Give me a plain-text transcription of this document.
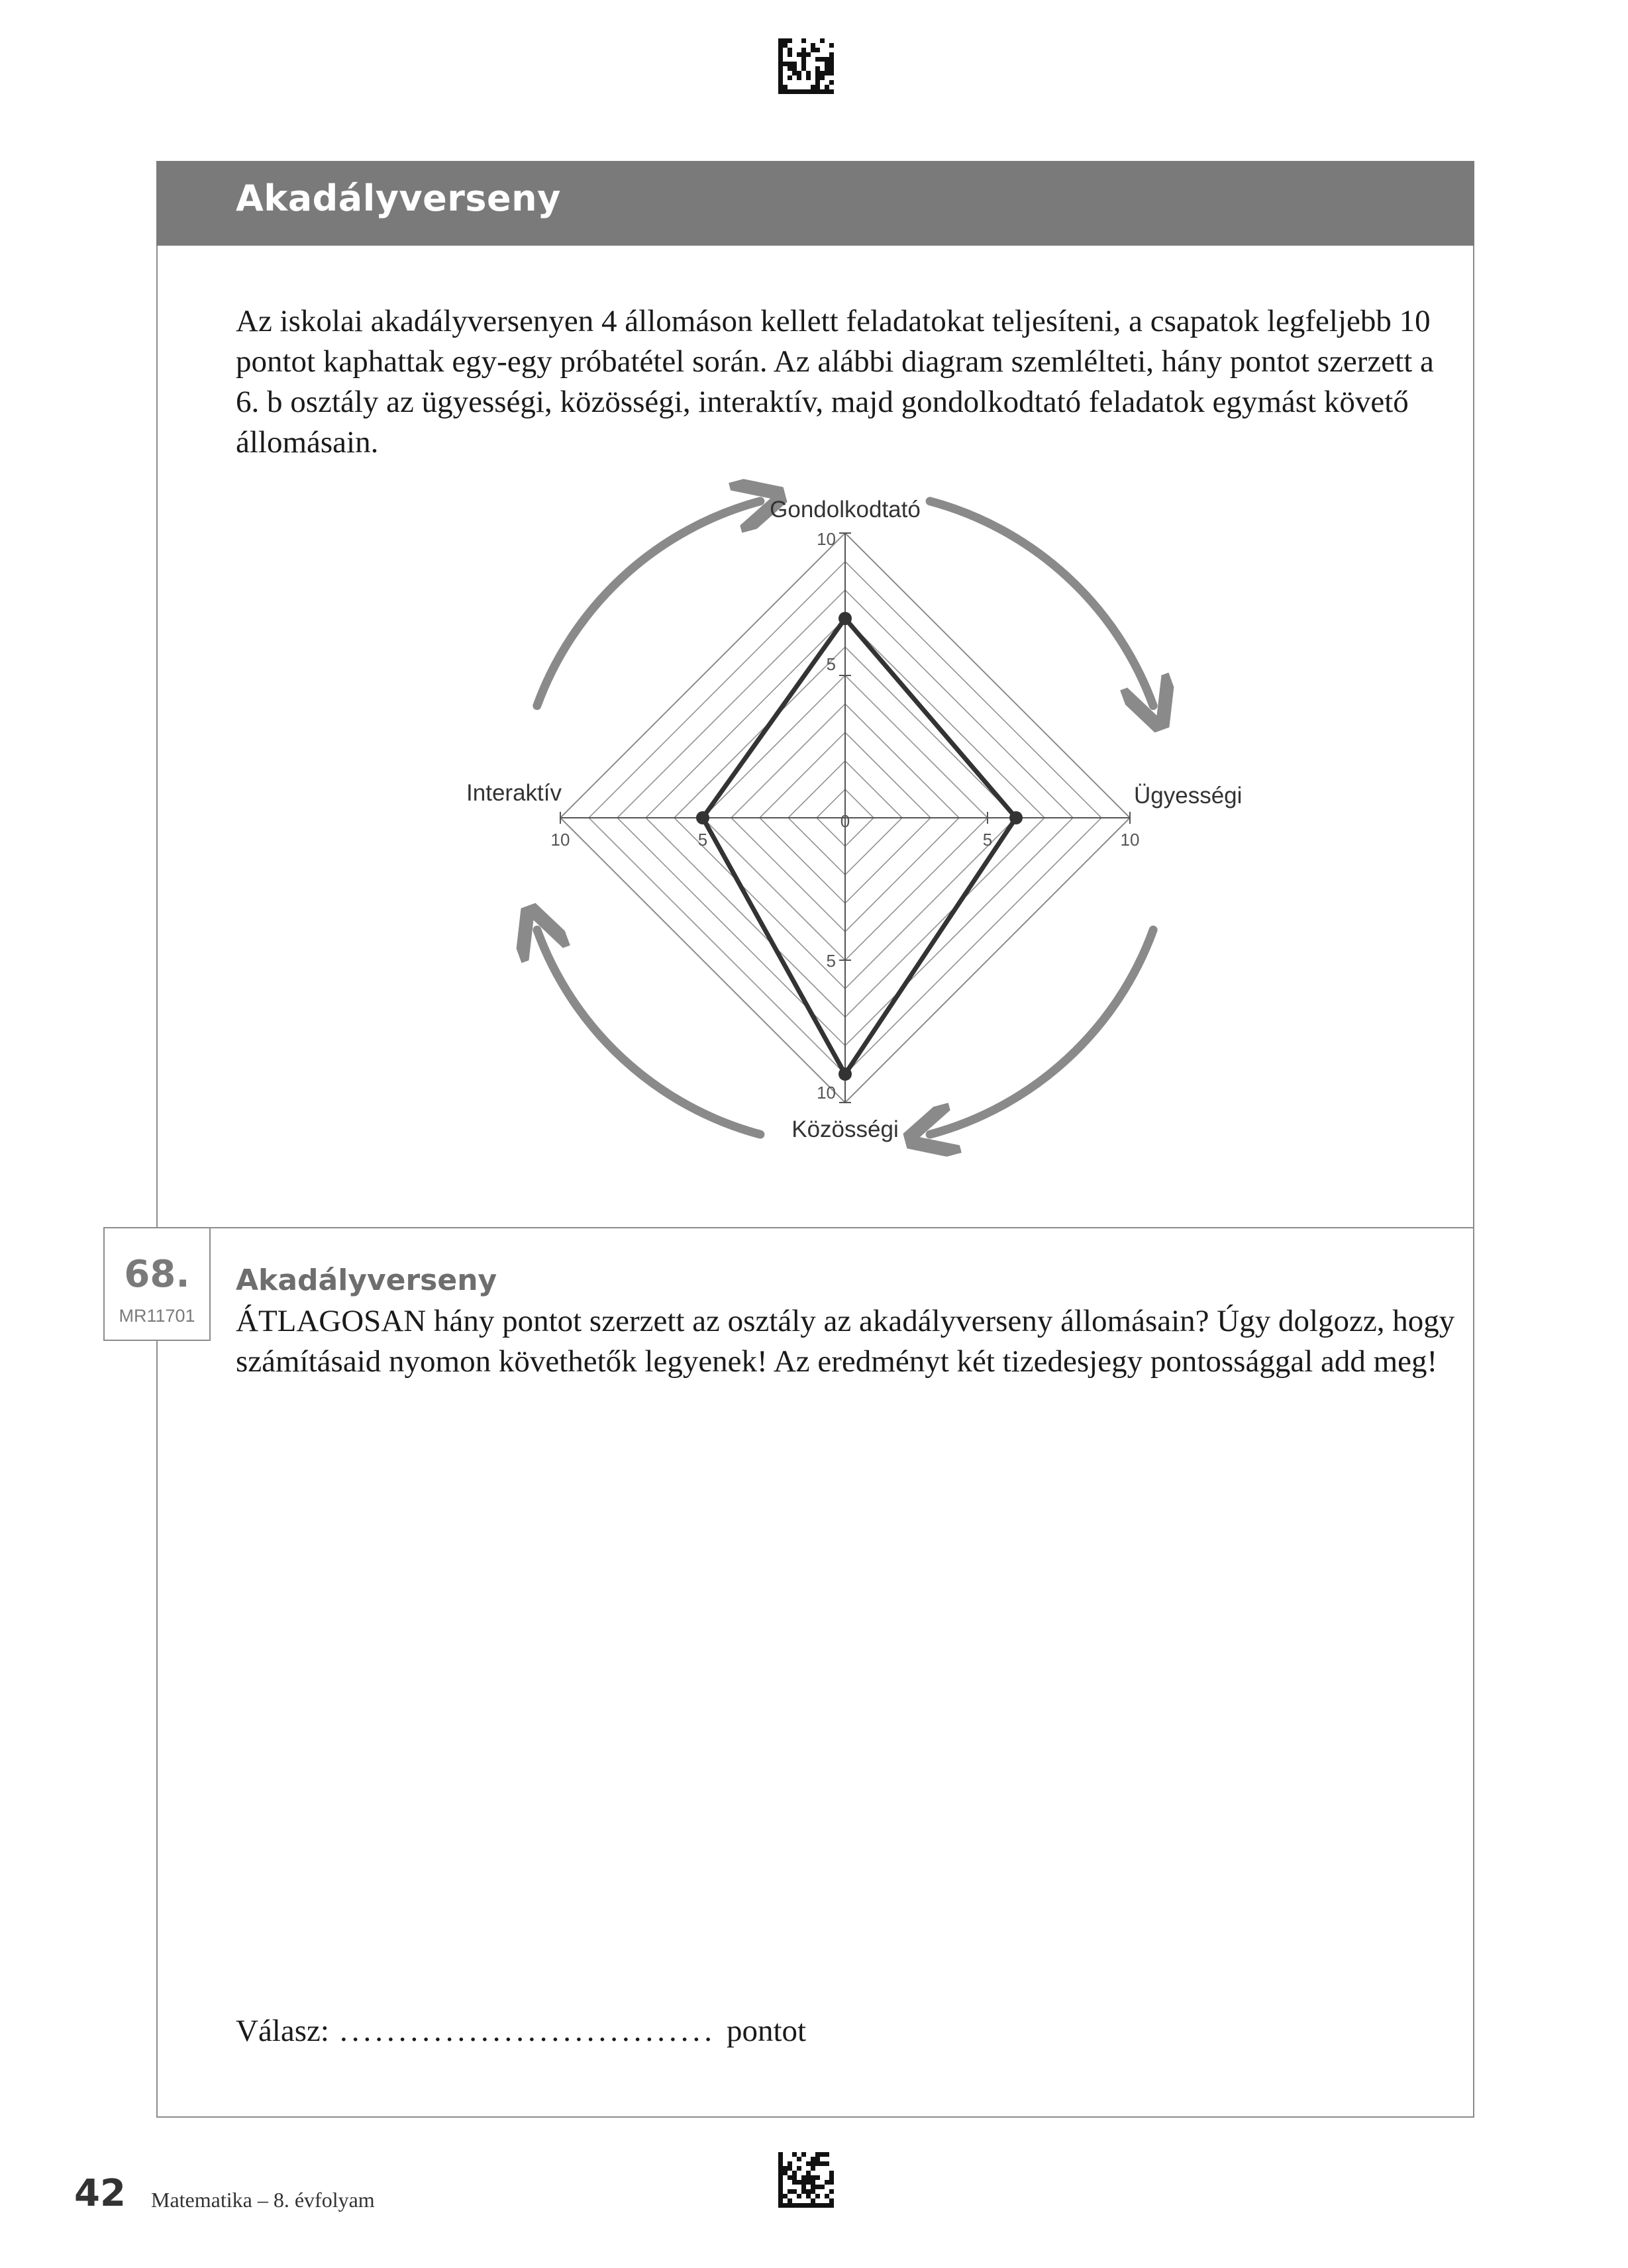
Akadályverseny
Az iskolai akadályversenyen 4 állomáson kellett feladatokat teljesíteni, a csapatok legfeljebb 10 pontot kaphattak egy-egy próbatétel során. Az alábbi diagram szemlélteti, hány pontot szerzett a 6. b osztály az ügyességi, közösségi, interaktív, majd gondolkodtató feladatok egymást követő állomásain.
0
5
10
5
10
10
5
5
10
Gondolkodtató
Ügyességi
Közösségi
Interaktív
68.
MR11701
Akadályverseny
ÁTLAGOSAN hány pontot szerzett az osztály az akadályverseny állomásain? Úgy dolgozz, hogy számításaid nyomon követhetők legyenek! Az eredményt két tizedesjegy pontossággal add meg!
Válasz: ................................ pontot
42 Matematika – 8. évfolyam
